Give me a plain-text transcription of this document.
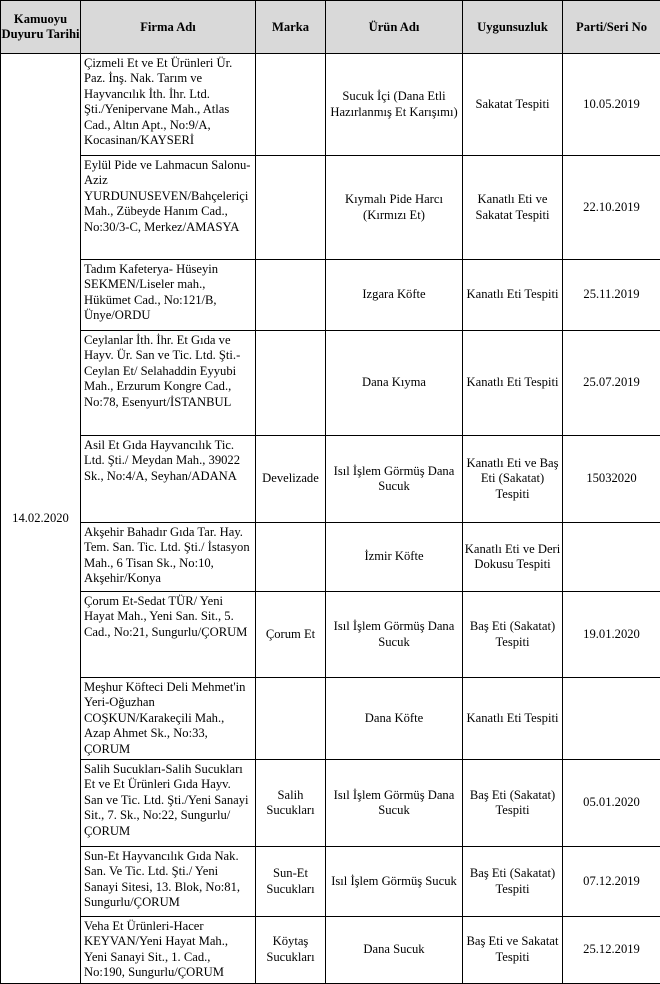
Kamuoyu Duyuru Tarihi	Firma Adı	Marka	Ürün Adı	Uygunsuzluk	Parti/Seri No
14.02.2020	Çizmeli Et ve Et Ürünleri Ür. Paz. İnş. Nak. Tarım ve Hayvancılık İth. İhr. Ltd. Şti./Yenipervane Mah., Atlas Cad., Altın Apt., No:9/A, Kocasinan/KAYSERİ		Sucuk İçi (Dana Etli Hazırlanmış Et Karışımı)	Sakatat Tespiti	10.05.2019
	Eylül Pide ve Lahmacun Salonu-Aziz YURDUNUSEVEN/Bahçeleriçi Mah., Zübeyde Hanım Cad., No:30/3-C, Merkez/AMASYA		Kıymalı Pide Harcı (Kırmızı Et)	Kanatlı Eti ve Sakatat Tespiti	22.10.2019
	Tadım Kafeterya- Hüseyin SEKMEN/Liseler mah., Hükümet Cad., No:121/B, Ünye/ORDU		Izgara Köfte	Kanatlı Eti Tespiti	25.11.2019
	Ceylanlar İth. İhr. Et Gıda ve Hayv. Ür. San ve Tic. Ltd. Şti.-Ceylan Et/ Selahaddin Eyyubi Mah., Erzurum Kongre Cad., No:78, Esenyurt/İSTANBUL		Dana Kıyma	Kanatlı Eti Tespiti	25.07.2019
	Asil Et Gıda Hayvancılık Tic. Ltd. Şti./ Meydan Mah., 39022 Sk., No:4/A, Seyhan/ADANA	Develizade	Isıl İşlem Görmüş Dana Sucuk	Kanatlı Eti ve Baş Eti (Sakatat) Tespiti	15032020
	Akşehir Bahadır Gıda Tar. Hay. Tem. San. Tic. Ltd. Şti./ İstasyon Mah., 6 Tisan Sk., No:10, Akşehir/Konya		İzmir Köfte	Kanatlı Eti ve Deri Dokusu Tespiti	
	Çorum Et-Sedat TÜR/ Yeni Hayat Mah., Yeni San. Sit., 5. Cad., No:21, Sungurlu/ÇORUM	Çorum Et	Isıl İşlem Görmüş Dana Sucuk	Baş Eti (Sakatat) Tespiti	19.01.2020
	Meşhur Köfteci Deli Mehmet'in Yeri-Oğuzhan COŞKUN/Karakeçili Mah., Azap Ahmet Sk., No:33, ÇORUM		Dana Köfte	Kanatlı Eti Tespiti	
	Salih Sucukları-Salih Sucukları Et ve Et Ürünleri Gıda Hayv. San ve Tic. Ltd. Şti./Yeni Sanayi Sit., 7. Sk., No:22, Sungurlu/ÇORUM	Salih Sucukları	Isıl İşlem Görmüş Dana Sucuk	Baş Eti (Sakatat) Tespiti	05.01.2020
	Sun-Et Hayvancılık Gıda Nak. San. Ve Tic. Ltd. Şti./ Yeni Sanayi Sitesi, 13. Blok, No:81, Sungurlu/ÇORUM	Sun-Et Sucukları	Isıl İşlem Görmüş Sucuk	Baş Eti (Sakatat) Tespiti	07.12.2019
	Veha Et Ürünleri-Hacer KEYVAN/Yeni Hayat Mah., Yeni Sanayi Sit., 1. Cad., No:190, Sungurlu/ÇORUM	Köytaş Sucukları	Dana Sucuk	Baş Eti ve Sakatat Tespiti	25.12.2019
